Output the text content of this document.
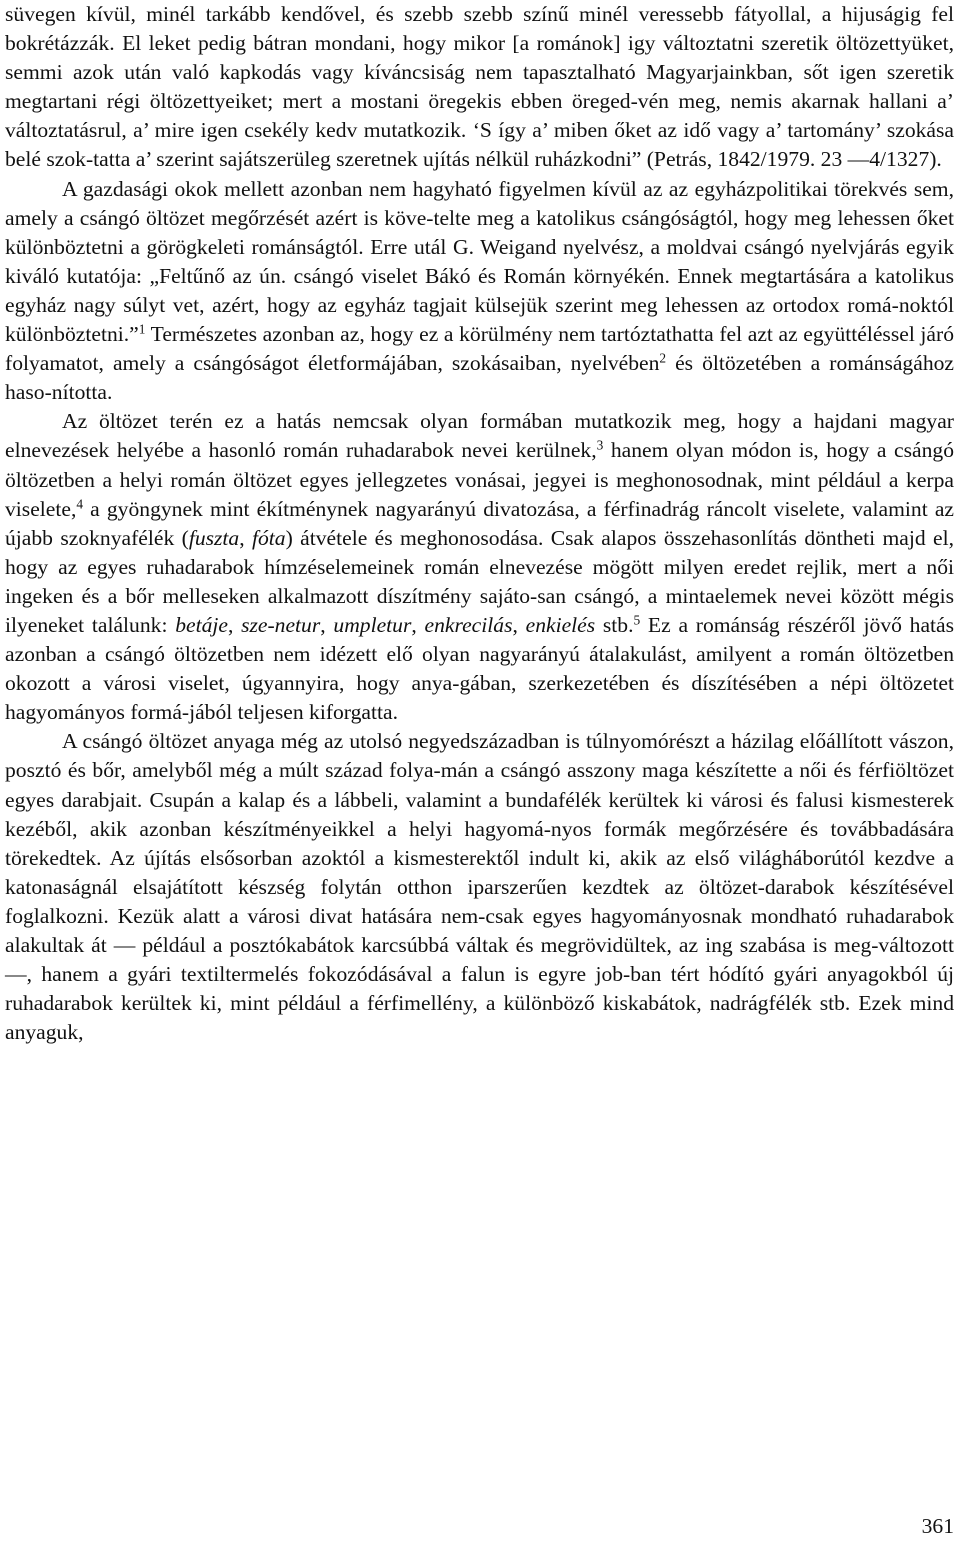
süvegen kívül, minél tarkább kendővel, és szebb szebb színű minél veressebb fátyollal, a hijuságig fel bokrétázzák. El leket pedig bátran mondani, hogy mikor [a románok] igy változtatni szeretik öltözettyüket, semmi azok után való kapkodás vagy kíváncsiság nem tapasztalható Magyarjainkban, sőt igen szeretik megtartani régi öltözettyeiket; mert a mostani öregekis ebben öreged-vén meg, nemis akarnak hallani a’ változtatásrul, a’ mire igen csekély kedv mutatkozik. ‘S így a’ miben őket az idő vagy a’ tartomány’ szokása belé szok-tatta a’ szerint sajátszerüleg szeretnek ujítás nélkül ruházkodni” (Petrás, 1842/1979. 23 —4/1327).

A gazdasági okok mellett azonban nem hagyható figyelmen kívül az az egyházpolitikai törekvés sem, amely a csángó öltözet megőrzését azért is köve-telte meg a katolikus csángóságtól, hogy meg lehessen őket különböztetni a görögkeleti románságtól. Erre utál G. Weigand nyelvész, a moldvai csángó nyelvjárás egyik kiváló kutatója: „Feltűnő az ún. csángó viselet Bákó és Román környékén. Ennek megtartására a katolikus egyház nagy súlyt vet, azért, hogy az egyház tagjait külsejük szerint meg lehessen az ortodox romá-noktól különböztetni.”$^1$ Természetes azonban az, hogy ez a körülmény nem tartóztathatta fel azt az együttéléssel járó folyamatot, amely a csángóságot életformájában, szokásaiban, nyelvében$^2$ és öltözetében a románságához haso-nította.

Az öltözet terén ez a hatás nemcsak olyan formában mutatkozik meg, hogy a hajdani magyar elnevezések helyébe a hasonló román ruhadarabok nevei kerülnek,$^3$ hanem olyan módon is, hogy a csángó öltözetben a helyi román öltözet egyes jellegzetes vonásai, jegyei is meghonosodnak, mint például a kerpa viselete,$^4$ a gyöngynek mint ékítménynek nagyarányú divatozása, a férfinadrág ráncolt viselete, valamint az újabb szoknyafélék (fuszta, fóta) átvétele és meghonosodása. Csak alapos összehasonlítás döntheti majd el, hogy az egyes ruhadarabok hímzéselemeinek román elnevezése mögött milyen eredet rejlik, mert a női ingeken és a bőr melleseken alkalmazott díszítmény sajáto-san csángó, a mintaelemek nevei között mégis ilyeneket találunk: betáje, sze-netur, umpletur, enkrecilás, enkielés stb.$^5$ Ez a románság részéről jövő hatás azonban a csángó öltözetben nem idézett elő olyan nagyarányú átalakulást, amilyent a román öltözetben okozott a városi viselet, úgyannyira, hogy anya-gában, szerkezetében és díszítésében a népi öltözetet hagyományos formá-jából teljesen kiforgatta.

A csángó öltözet anyaga még az utolsó negyedszázadban is túlnyomórészt a házilag előállított vászon, posztó és bőr, amelyből még a múlt század folya-mán a csángó asszony maga készítette a női és férfiöltözet egyes darabjait. Csupán a kalap és a lábbeli, valamint a bundafélék kerültek ki városi és falusi kismesterek kezéből, akik azonban készítményeikkel a helyi hagyomá-nyos formák megőrzésére és továbbadására törekedtek. Az újítás elsősorban azoktól a kismesterektől indult ki, akik az első világháborútól kezdve a katonaságnál elsajátított készség folytán otthon iparszerűen kezdtek az öltözet-darabok készítésével foglalkozni. Kezük alatt a városi divat hatására nem-csak egyes hagyományosnak mondható ruhadarabok alakultak át — például a posztókabátok karcsúbbá váltak és megrövidültek, az ing szabása is meg-változott —, hanem a gyári textiltermelés fokozódásával a falun is egyre job-ban tért hódító gyári anyagokból új ruhadarabok kerültek ki, mint például a férfimellény, a különböző kiskabátok, nadrágfélék stb. Ezek mind anyaguk,

361
